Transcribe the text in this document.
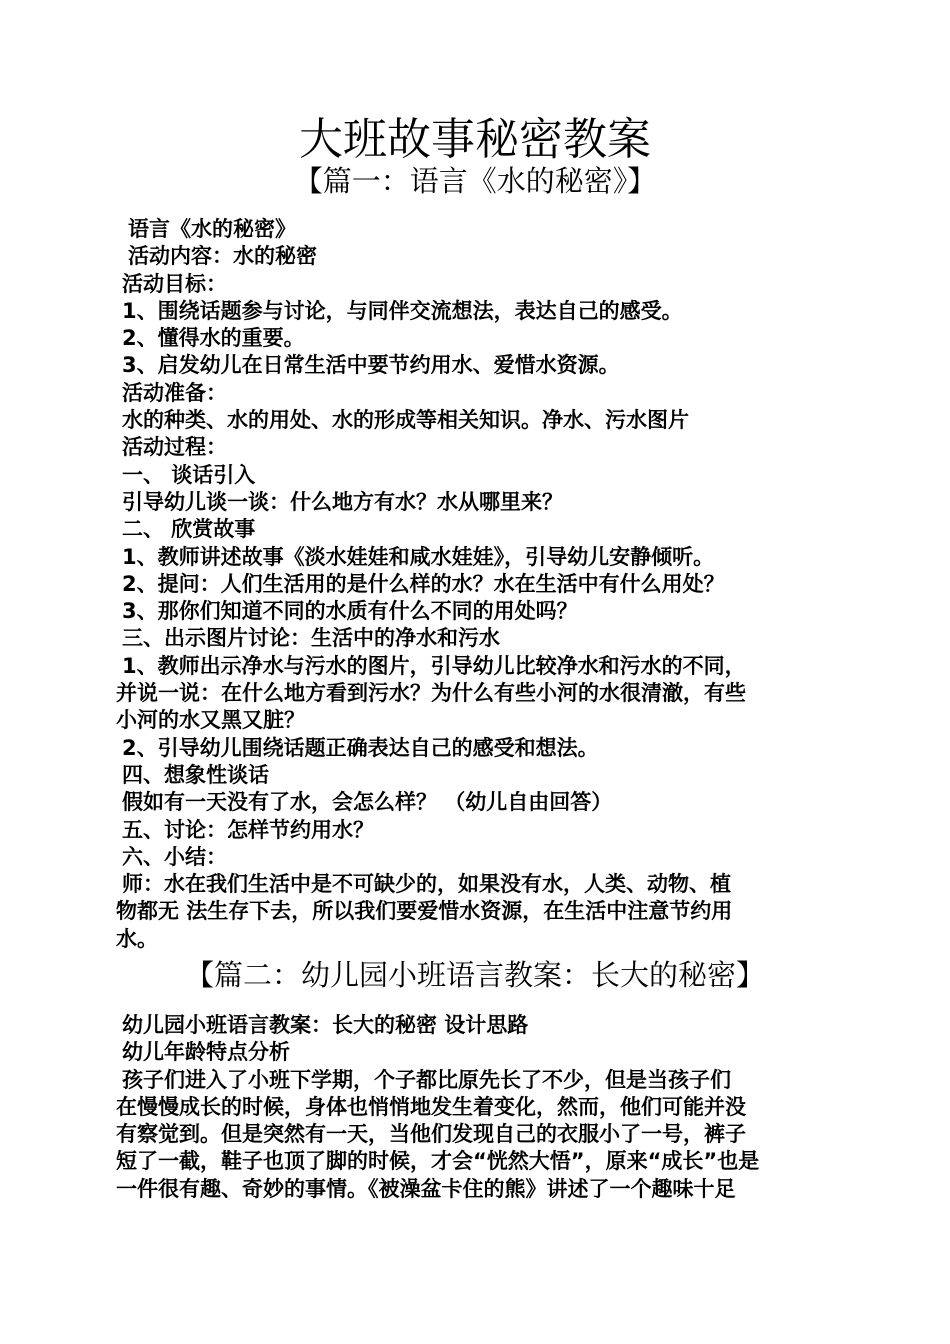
大班故事秘密教案
【篇一：语言《水的秘密》】

语言《水的秘密》

活动内容：水的秘密

活动目标：

1、围绕话题参与讨论，与同伴交流想法，表达自己的感受。

2、懂得水的重要。

3、启发幼儿在日常生活中要节约用水、爱惜水资源。

活动准备：

水的种类、水的用处、水的形成等相关知识。净水、污水图片

活动过程：

一、 谈话引入

引导幼儿谈一谈：什么地方有水？水从哪里来？

二、 欣赏故事

1、教师讲述故事《淡水娃娃和咸水娃娃》，引导幼儿安静倾听。

2、提问：人们生活用的是什么样的水？水在生活中有什么用处？

3、那你们知道不同的水质有什么不同的用处吗？

三、出示图片讨论：生活中的净水和污水

1、教师出示净水与污水的图片，引导幼儿比较净水和污水的不同，

并说一说：在什么地方看到污水？为什么有些小河的水很清澈，有些

小河的水又黑又脏？

2、引导幼儿围绕话题正确表达自己的感受和想法。

四、想象性谈话

假如有一天没有了水，会怎么样？ （幼儿自由回答）

五、讨论：怎样节约用水？

六、小结：

师：水在我们生活中是不可缺少的，如果没有水，人类、动物、植

物都无 法生存下去，所以我们要爱惜水资源，在生活中注意节约用

水。

【篇二：幼儿园小班语言教案：长大的秘密】

幼儿园小班语言教案：长大的秘密 设计思路

幼儿年龄特点分析

孩子们进入了小班下学期，个子都比原先长了不少，但是当孩子们

在慢慢成长的时候，身体也悄悄地发生着变化，然而，他们可能并没

有察觉到。但是突然有一天，当他们发现自己的衣服小了一号，裤子

短了一截，鞋子也顶了脚的时候，才会“恍然大悟”，原来“成长”也是

一件很有趣、奇妙的事情。《被澡盆卡住的熊》讲述了一个趣味十足
